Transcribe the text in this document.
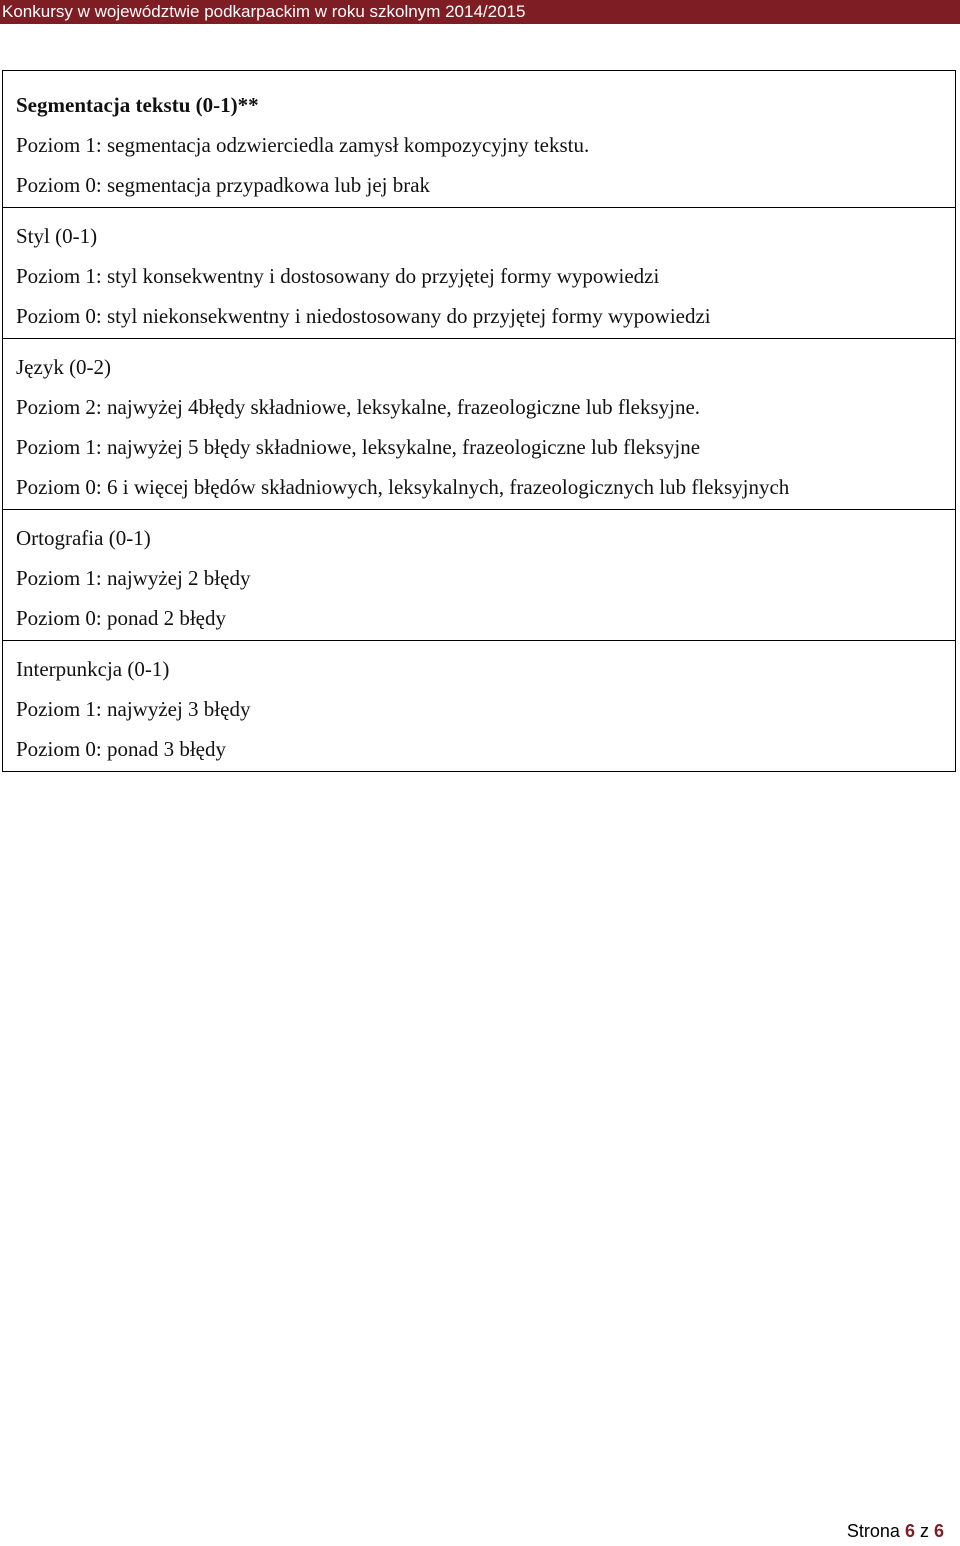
Konkursy w województwie podkarpackim w roku szkolnym 2014/2015
Segmentacja tekstu (0-1)**
Poziom 1: segmentacja odzwierciedla zamysł kompozycyjny tekstu.
Poziom 0: segmentacja przypadkowa lub jej brak
Styl (0-1)
Poziom 1: styl konsekwentny i dostosowany do przyjętej formy wypowiedzi
Poziom 0: styl niekonsekwentny i niedostosowany do przyjętej formy wypowiedzi
Język (0-2)
Poziom 2: najwyżej 4błędy składniowe, leksykalne, frazeologiczne lub fleksyjne.
Poziom 1: najwyżej 5 błędy składniowe, leksykalne, frazeologiczne lub fleksyjne
Poziom 0: 6 i więcej błędów składniowych, leksykalnych, frazeologicznych lub fleksyjnych
Ortografia (0-1)
Poziom 1: najwyżej 2 błędy
Poziom 0: ponad 2 błędy
Interpunkcja (0-1)
Poziom 1: najwyżej 3 błędy
Poziom 0: ponad 3 błędy
Strona 6 z 6
